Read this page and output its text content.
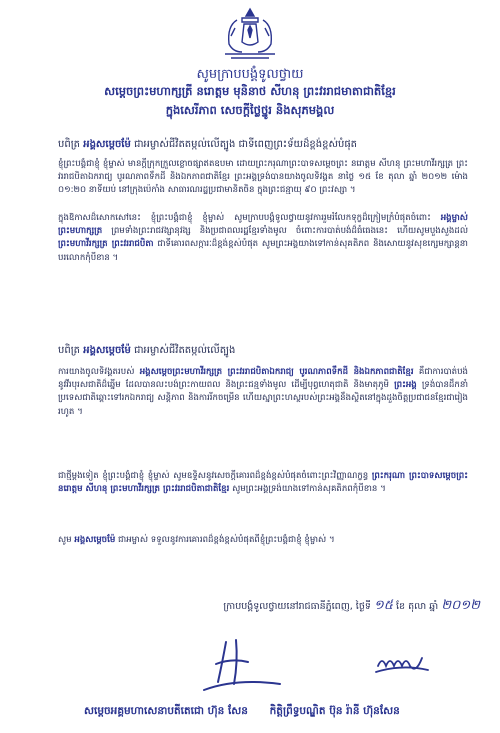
សូមក្រាបបង្គំទូលថ្វាយ
សម្ដេចព្រះមហាក្សត្រី នរោត្ដម មុនិនាថ សីហនុ ព្រះវររាជមាតាជាតិខ្មែរ
ក្នុងសេរីភាព សេចក្ដីថ្លៃថ្នូរ និងសុភមង្គល
បពិត្រ អង្គសម្ដេចម៉ែ ជាអម្ចាស់ជីវិតតម្កល់លើត្បូង ជាទីពេញព្រះទ័យដ៏ខ្ពង់ខ្ពស់បំផុត
ខ្ញុំព្រះបង្គំជាខ្ញុំ ខ្ញុំម្ចាស់ មានក្ដីក្រុកក្រួលខ្លោចផ្សាឥតឧបមា ដោយព្រះករុណាព្រះបាទសម្ដេចព្រះ នរោត្ដម សីហនុ ព្រះមហាវីរក្សត្រ ព្រះវររាជបិតាឯករាជ្យ បូរណភាពទឹកដី និងឯកភាពជាតិខ្មែរ ព្រះអង្គទ្រង់បានយាងចូលទិវង្គត នាថ្ងៃ ១៥ ខែ តុលា ឆ្នាំ ២០១២ ម៉ោង ០១:២០ នាទីយប់ នៅក្រុងប៉េកាំង សាធារណរដ្ឋប្រជាមានិតចិន ក្នុងព្រះជន្មាយុ ៩០ ព្រះវស្សា ។
ក្នុងឱកាសដ៏សោកសៅនេះ ខ្ញុំព្រះបង្គំជាខ្ញុំ ខ្ញុំម្ចាស់ សូមក្រាបបង្គំទូលថ្វាយនូវការរួមរំលែកទុក្ខដ៏ក្រៀមក្រំបំផុតចំពោះ អង្គម្ចាស់ព្រះមហាក្សត្រ ព្រមទាំងព្រះរាជវង្សានុវង្ស និងប្រជាពលរដ្ឋខ្មែរទាំងមូល ចំពោះការបាត់បង់ដ៏ធំធេងនេះ ហើយសូមបួងសួងដល់ ព្រះមហាវីរក្សត្រ ព្រះវររាជបិតា ជាទីគោរពសក្ការៈដ៏ខ្ពង់ខ្ពស់បំផុត សូមព្រះអង្គយាងទៅកាន់សុគតិភព និងសោយនូវសុខក្សេមក្សាន្តនាបរលោកកុំបីខាន ។
បពិត្រ អង្គសម្ដេចម៉ែ ជាអម្ចាស់ជីវិតតម្កល់លើត្បូង
ការយាងចូលទិវង្គតរបស់ អង្គសម្ដេចព្រះមហាវីរក្សត្រ ព្រះវររាជបិតាឯករាជ្យ បូរណភាពទឹកដី និងឯកភាពជាតិខ្មែរ គឺជាការបាត់បង់នូវវីរបុរសជាតិដ៏ឆ្នើម ដែលបានលះបង់ព្រះកាយពល និងព្រះជន្មទាំងមូល ដើម្បីបុព្វហេតុជាតិ និងមាតុភូមិ ព្រះអង្គ ទ្រង់បានដឹកនាំប្រទេសជាតិឆ្ពោះទៅរកឯករាជ្យ សន្តិភាព និងការរីកចម្រើន ហើយស្នាព្រះហស្ថរបស់ព្រះអង្គនឹងស្ថិតនៅក្នុងដួងចិត្តប្រជាជនខ្មែរជារៀងរហូត ។
ជាថ្មីម្ដងទៀត ខ្ញុំព្រះបង្គំជាខ្ញុំ ខ្ញុំម្ចាស់ សូមឧទ្ទិសនូវសេចក្ដីគោរពដ៏ខ្ពង់ខ្ពស់បំផុតចំពោះព្រះវិញ្ញាណក្ខន្ធ ព្រះករុណា ព្រះបាទសម្ដេចព្រះ នរោត្ដម សីហនុ ព្រះមហាវីរក្សត្រ ព្រះវររាជបិតាជាតិខ្មែរ សូមព្រះអង្គទ្រង់យាងទៅកាន់សុគតិភពកុំបីខាន ។
សូម អង្គសម្ដេចម៉ែ ជាអម្ចាស់ ទទួលនូវការគោរពដ៏ខ្ពង់ខ្ពស់បំផុតពីខ្ញុំព្រះបង្គំជាខ្ញុំ ខ្ញុំម្ចាស់ ។
ក្រាបបង្គំទូលថ្វាយនៅរាជធានីភ្នំពេញ, ថ្ងៃទី ១៥ ខែ តុលា ឆ្នាំ ២០១២
សម្ដេចអគ្គមហាសេនាបតីតេជោ ហ៊ុន សែន កិត្តិព្រឹទ្ធបណ្ឌិត ប៊ុន រ៉ានី ហ៊ុនសែន
